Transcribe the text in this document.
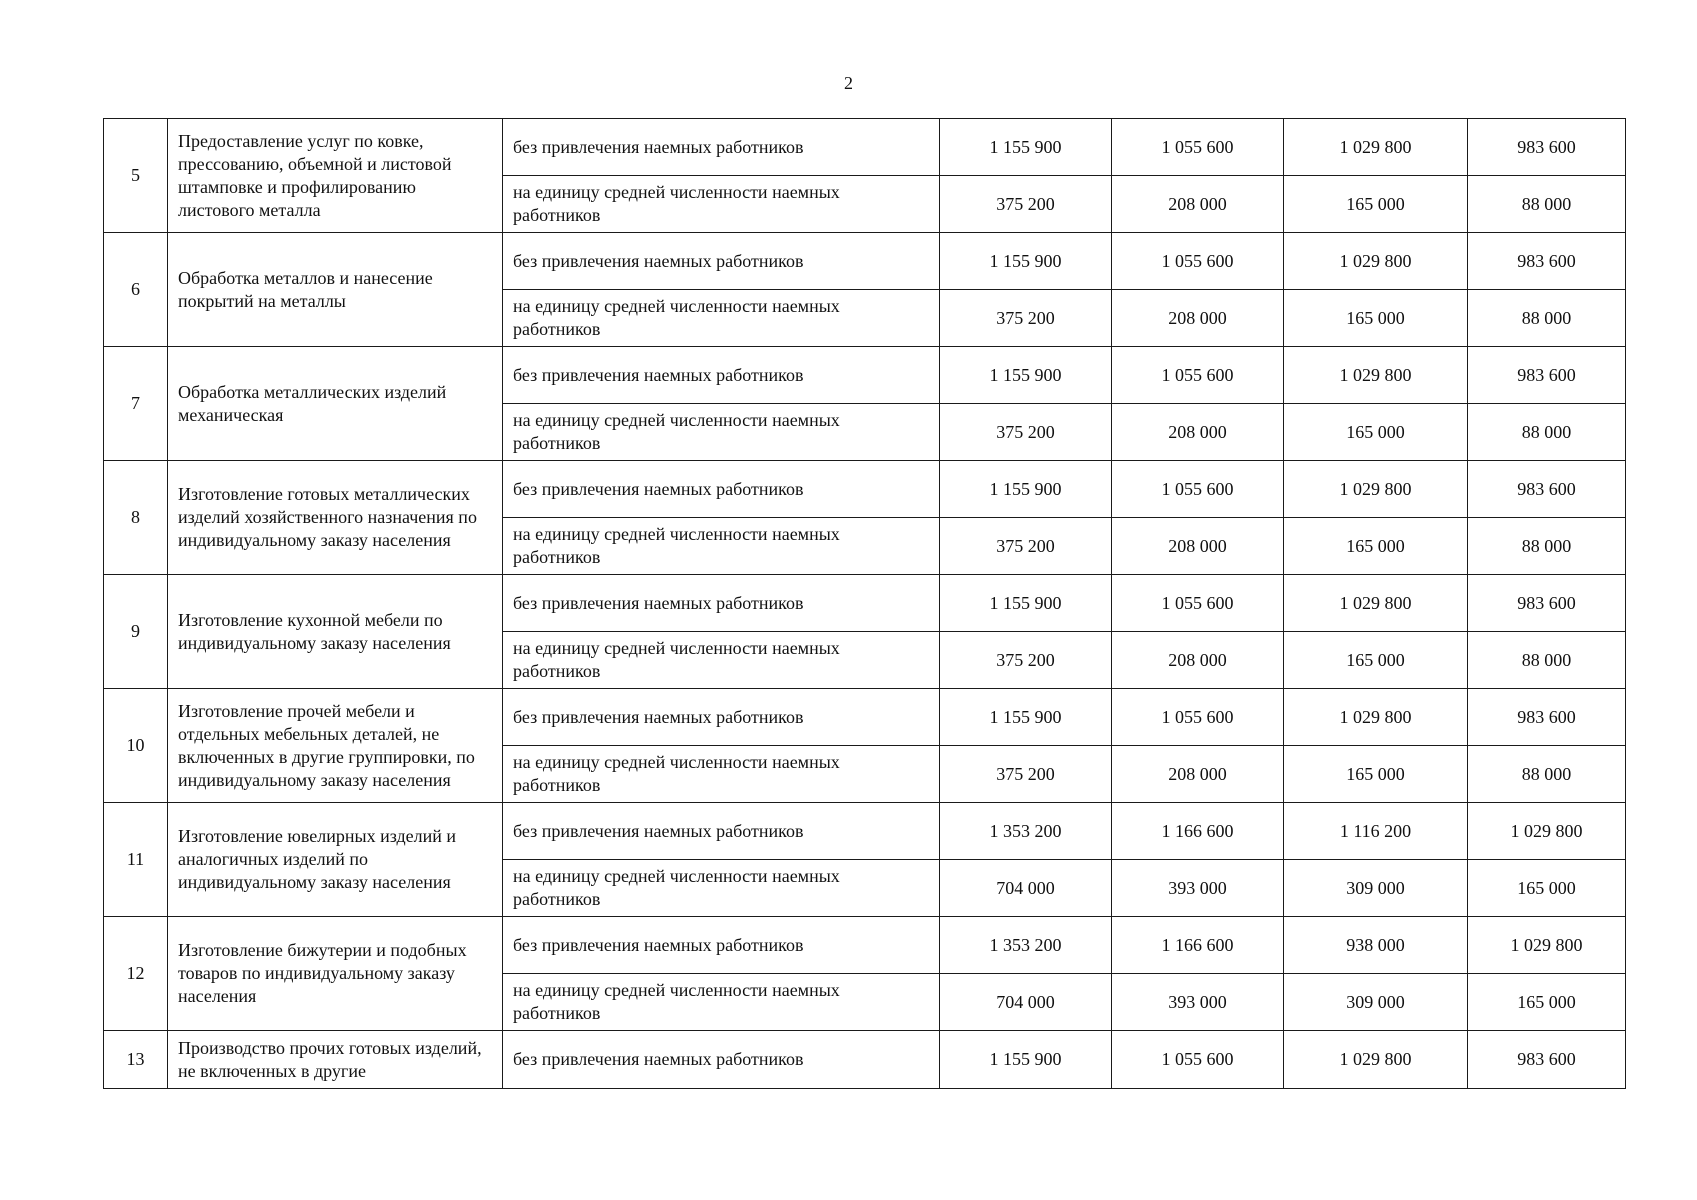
2
5	Предоставление услуг по ковке, прессованию, объемной и листовой штамповке и профилированию листового металла	без привлечения наемных работников	1 155 900	1 055 600	1 029 800	983 600
		на единицу средней численности наемных работников	375 200	208 000	165 000	88 000
6	Обработка металлов и нанесение покрытий на металлы	без привлечения наемных работников	1 155 900	1 055 600	1 029 800	983 600
		на единицу средней численности наемных работников	375 200	208 000	165 000	88 000
7	Обработка металлических изделий механическая	без привлечения наемных работников	1 155 900	1 055 600	1 029 800	983 600
		на единицу средней численности наемных работников	375 200	208 000	165 000	88 000
8	Изготовление готовых металлических изделий хозяйственного назначения по индивидуальному заказу населения	без привлечения наемных работников	1 155 900	1 055 600	1 029 800	983 600
		на единицу средней численности наемных работников	375 200	208 000	165 000	88 000
9	Изготовление кухонной мебели по индивидуальному заказу населения	без привлечения наемных работников	1 155 900	1 055 600	1 029 800	983 600
		на единицу средней численности наемных работников	375 200	208 000	165 000	88 000
10	Изготовление прочей мебели и отдельных мебельных деталей, не включенных в другие группировки, по индивидуальному заказу населения	без привлечения наемных работников	1 155 900	1 055 600	1 029 800	983 600
		на единицу средней численности наемных работников	375 200	208 000	165 000	88 000
11	Изготовление ювелирных изделий и аналогичных изделий по индивидуальному заказу населения	без привлечения наемных работников	1 353 200	1 166 600	1 116 200	1 029 800
		на единицу средней численности наемных работников	704 000	393 000	309 000	165 000
12	Изготовление бижутерии и подобных товаров по индивидуальному заказу населения	без привлечения наемных работников	1 353 200	1 166 600	938 000	1 029 800
		на единицу средней численности наемных работников	704 000	393 000	309 000	165 000
13	Производство прочих готовых изделий, не включенных в другие	без привлечения наемных работников	1 155 900	1 055 600	1 029 800	983 600
